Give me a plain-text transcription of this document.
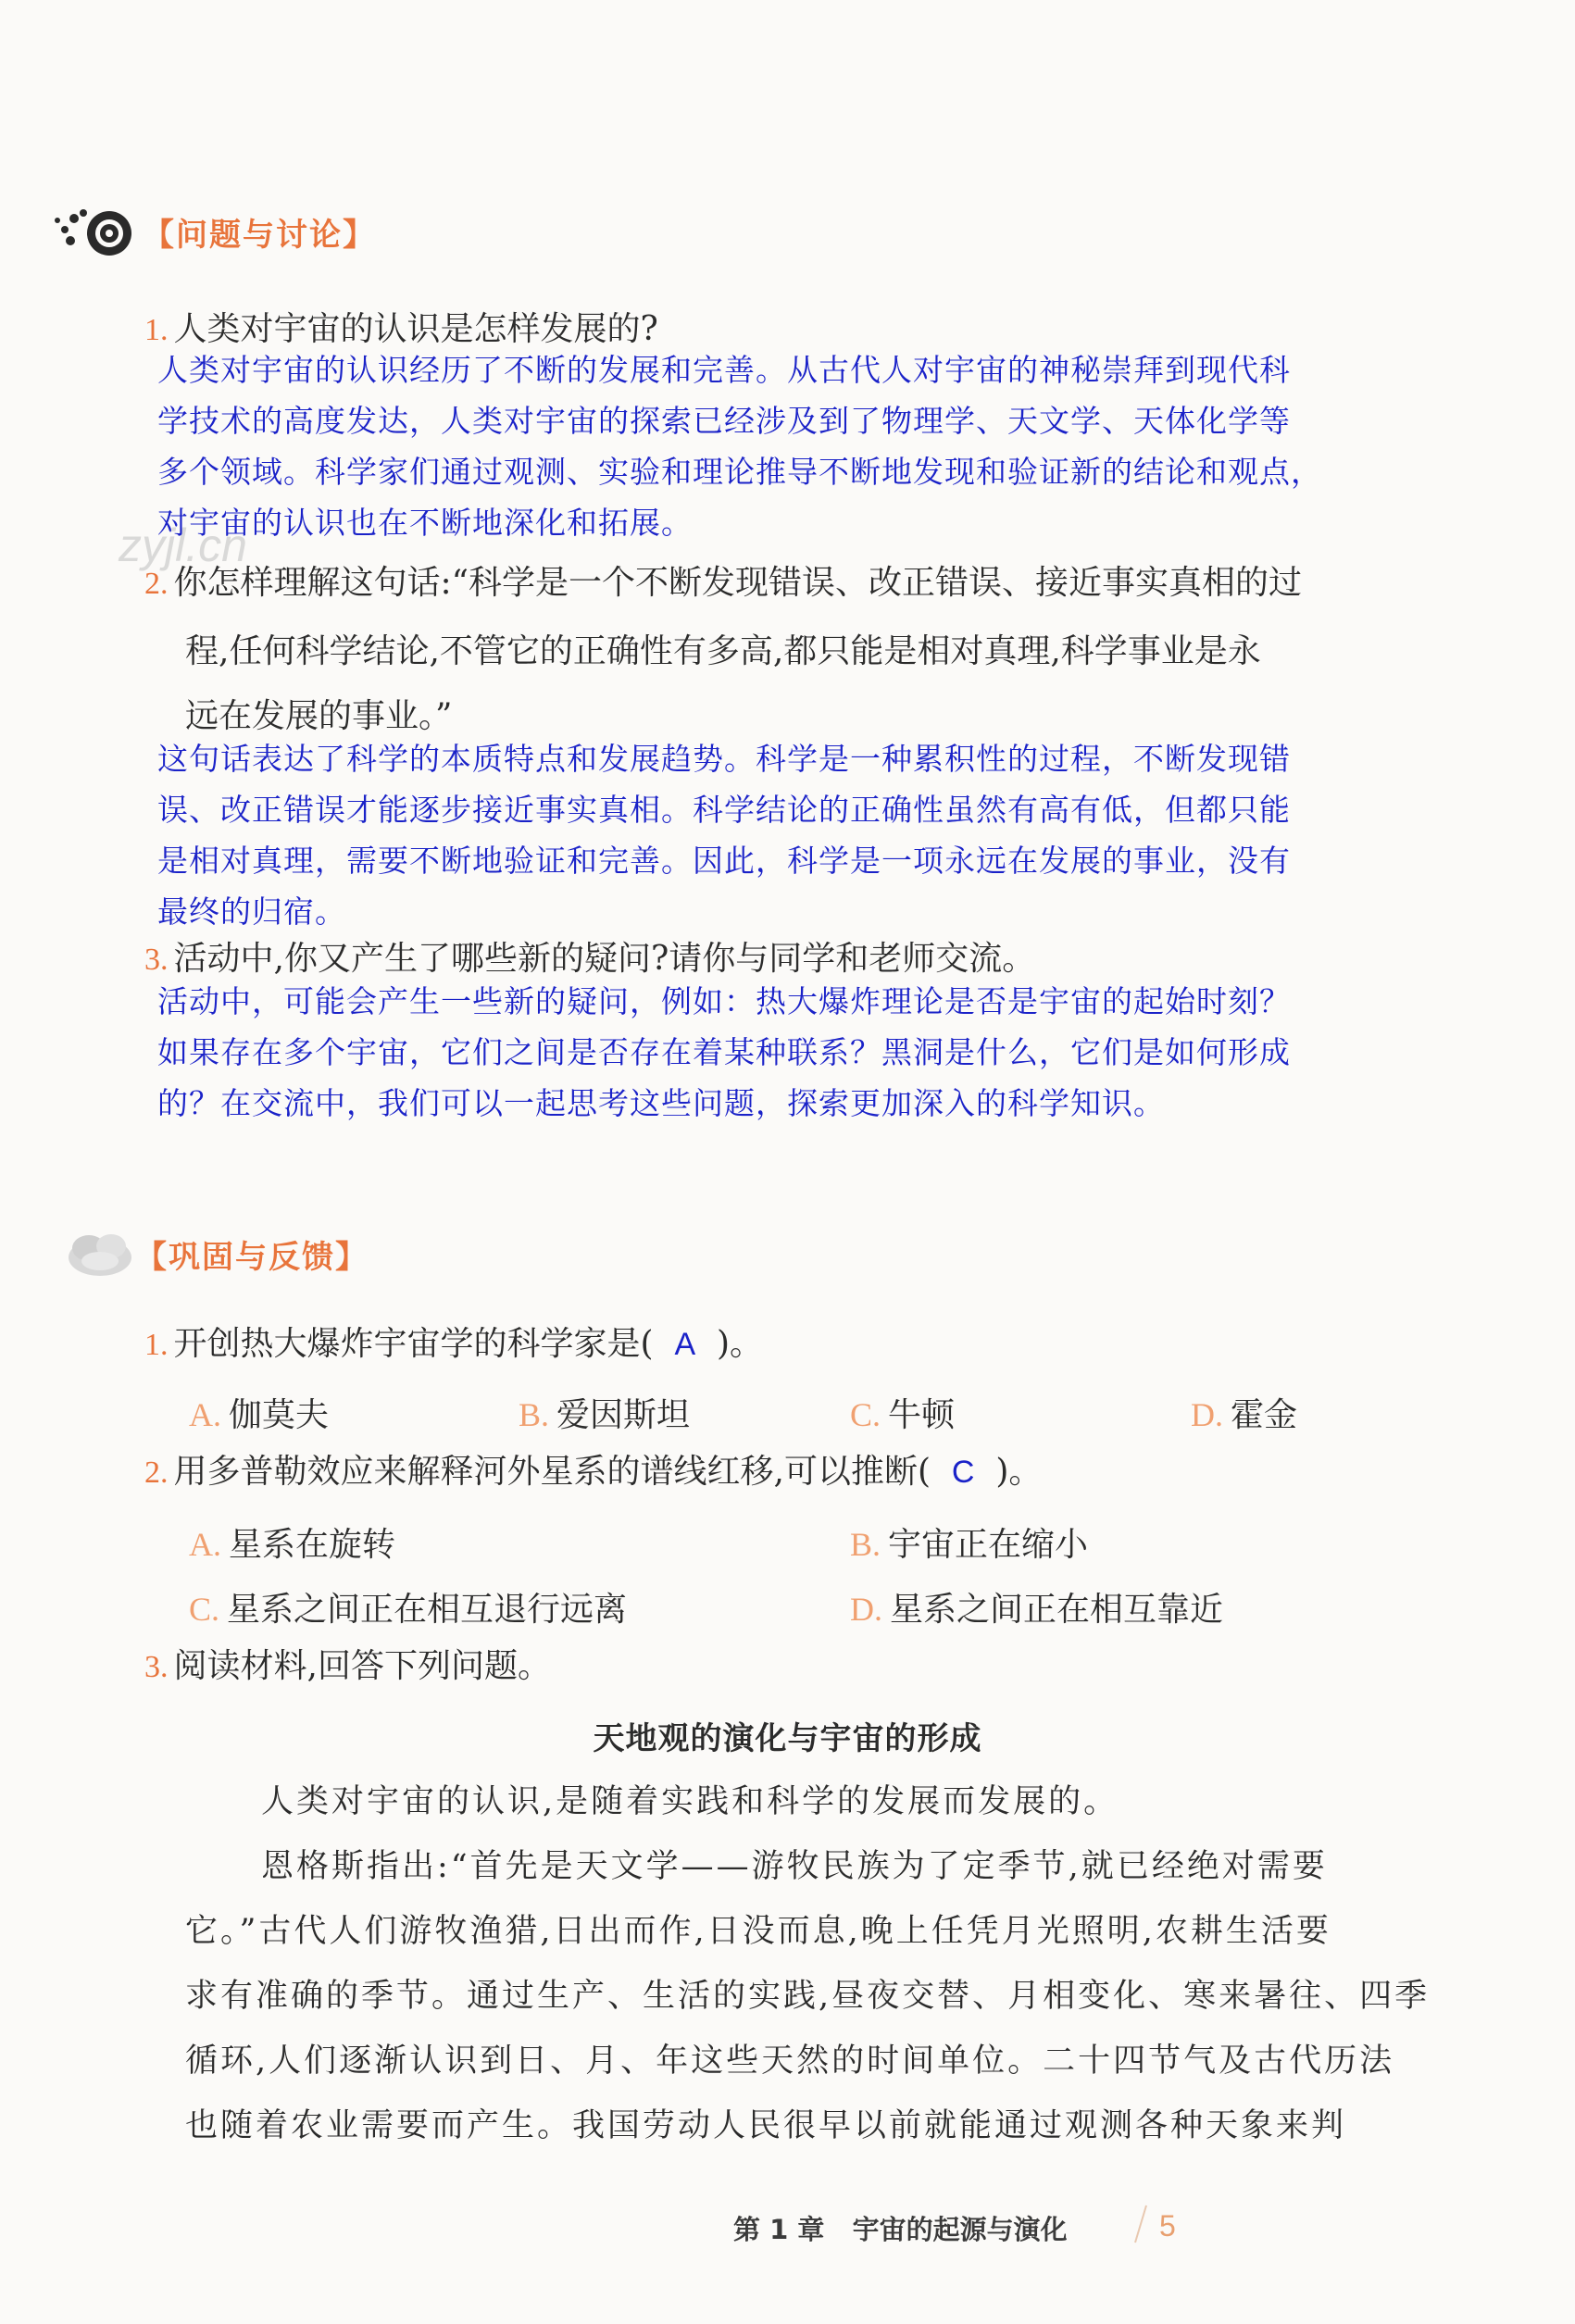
zyjl.cn
【问题与讨论】
1. 人类对宇宙的认识是怎样发展的?
人类对宇宙的认识经历了不断的发展和完善。从古代人对宇宙的神秘崇拜到现代科
学技术的高度发达，人类对宇宙的探索已经涉及到了物理学、天文学、天体化学等
多个领域。科学家们通过观测、实验和理论推导不断地发现和验证新的结论和观点，
对宇宙的认识也在不断地深化和拓展。
2. 你怎样理解这句话:“科学是一个不断发现错误、改正错误、接近事实真相的过
程,任何科学结论,不管它的正确性有多高,都只能是相对真理,科学事业是永
远在发展的事业。”
这句话表达了科学的本质特点和发展趋势。科学是一种累积性的过程，不断发现错
误、改正错误才能逐步接近事实真相。科学结论的正确性虽然有高有低，但都只能
是相对真理，需要不断地验证和完善。因此，科学是一项永远在发展的事业，没有
最终的归宿。
3. 活动中,你又产生了哪些新的疑问?请你与同学和老师交流。
活动中，可能会产生一些新的疑问，例如：热大爆炸理论是否是宇宙的起始时刻？
如果存在多个宇宙，它们之间是否存在着某种联系？黑洞是什么，它们是如何形成
的？在交流中，我们可以一起思考这些问题，探索更加深入的科学知识。
【巩固与反馈】
1. 开创热大爆炸宇宙学的科学家是( A )。
A. 伽莫夫	B. 爱因斯坦	C. 牛顿	D. 霍金
2. 用多普勒效应来解释河外星系的谱线红移,可以推断( C )。
A. 星系在旋转	B. 宇宙正在缩小
C. 星系之间正在相互退行远离	D. 星系之间正在相互靠近
3. 阅读材料,回答下列问题。
天地观的演化与宇宙的形成
人类对宇宙的认识,是随着实践和科学的发展而发展的。
恩格斯指出:“首先是天文学——游牧民族为了定季节,就已经绝对需要
它。”古代人们游牧渔猎,日出而作,日没而息,晚上任凭月光照明,农耕生活要
求有准确的季节。通过生产、生活的实践,昼夜交替、月相变化、寒来暑往、四季
循环,人们逐渐认识到日、月、年这些天然的时间单位。二十四节气及古代历法
也随着农业需要而产生。我国劳动人民很早以前就能通过观测各种天象来判
第 1 章 宇宙的起源与演化	5
